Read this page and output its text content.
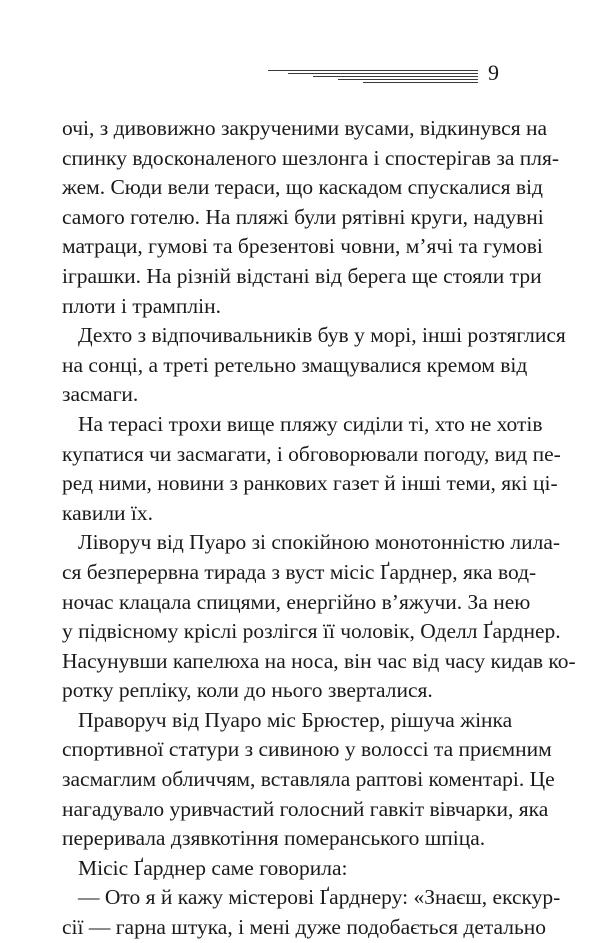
9
очі, з дивовижно закрученими вусами, відкинувся на
спинку вдосконаленого шезлонга і спостерігав за пля-
жем. Сюди вели тераси, що каскадом спускалися від
самого готелю. На пляжі були рятівні круги, надувні
матраци, гумові та брезентові човни, м’ячі та гумові
іграшки. На різній відстані від берега ще стояли три
плоти і трамплін.
Дехто з відпочивальників був у морі, інші розтяглися
на сонці, а треті ретельно змащувалися кремом від
засмаги.
На терасі трохи вище пляжу сиділи ті, хто не хотів
купатися чи засмагати, і обговорювали погоду, вид пе-
ред ними, новини з ранкових газет й інші теми, які ці-
кавили їх.
Ліворуч від Пуаро зі спокійною монотонністю лила-
ся безперервна тирада з вуст місіс Ґарднер, яка вод-
ночас клацала спицями, енергійно в’яжучи. За нею
у підвісному кріслі розлігся її чоловік, Оделл Ґарднер.
Насунувши капелюха на носа, він час від часу кидав ко-
ротку репліку, коли до нього зверталися.
Праворуч від Пуаро міс Брюстер, рішуча жінка
спортивної статури з сивиною у волоссі та приємним
засмаглим обличчям, вставляла раптові коментарі. Це
нагадувало уривчастий голосний гавкіт вівчарки, яка
переривала дзявкотіння померанського шпіца.
Місіс Ґарднер саме говорила:
— Ото я й кажу містерові Ґарднеру: «Знаєш, екскур-
сії — гарна штука, і мені дуже подобається детально
